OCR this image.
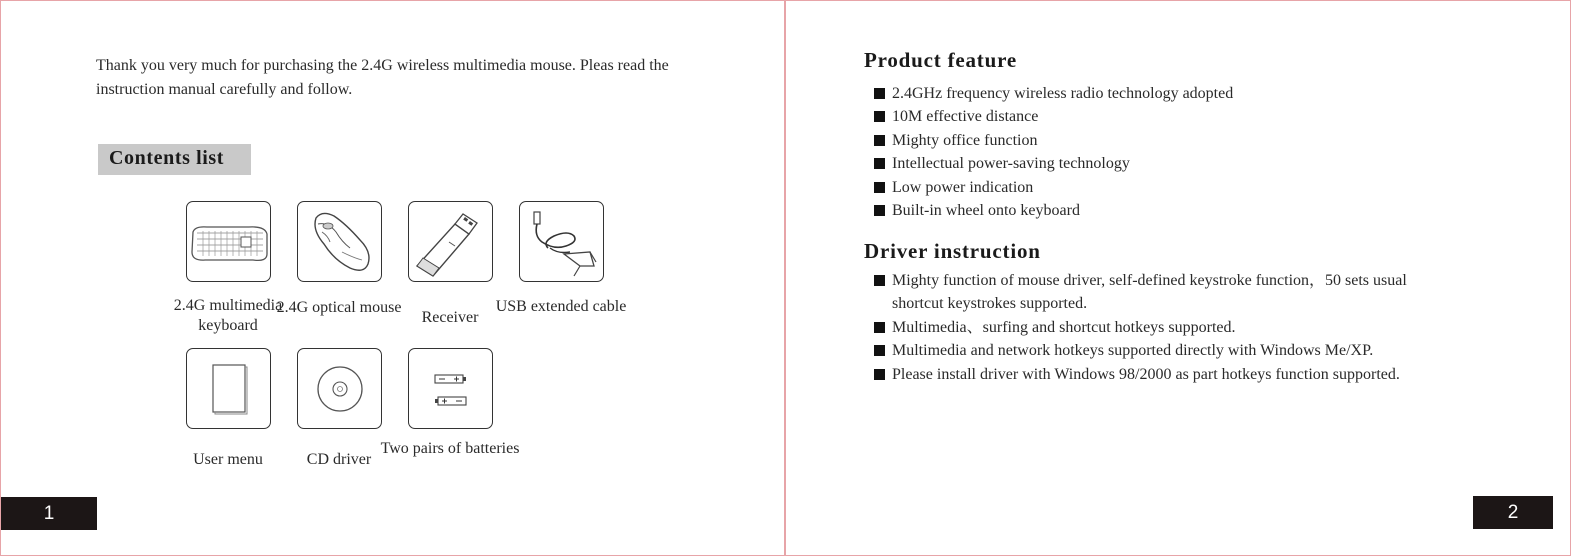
Thank you very much for purchasing the 2.4G wireless multimedia mouse. Pleas read the instruction manual carefully and follow.

Contents list
2.4G multimedia keyboard
2.4G optical mouse
Receiver
USB extended cable
User menu	CD driver
Two pairs of batteries
1
Product feature
2.4GHz frequency wireless radio technology adopted
10M effective distance
Mighty office function
Intellectual power-saving technology
Low power indication
Built-in wheel onto keyboard
Driver instruction
Mighty function of mouse driver, self-defined keystroke function，50 sets usual shortcut keystrokes supported.
Multimedia、surfing and shortcut hotkeys supported.
Multimedia and network hotkeys supported directly with Windows Me/XP.
Please install driver with Windows 98/2000 as part hotkeys function supported.
2
